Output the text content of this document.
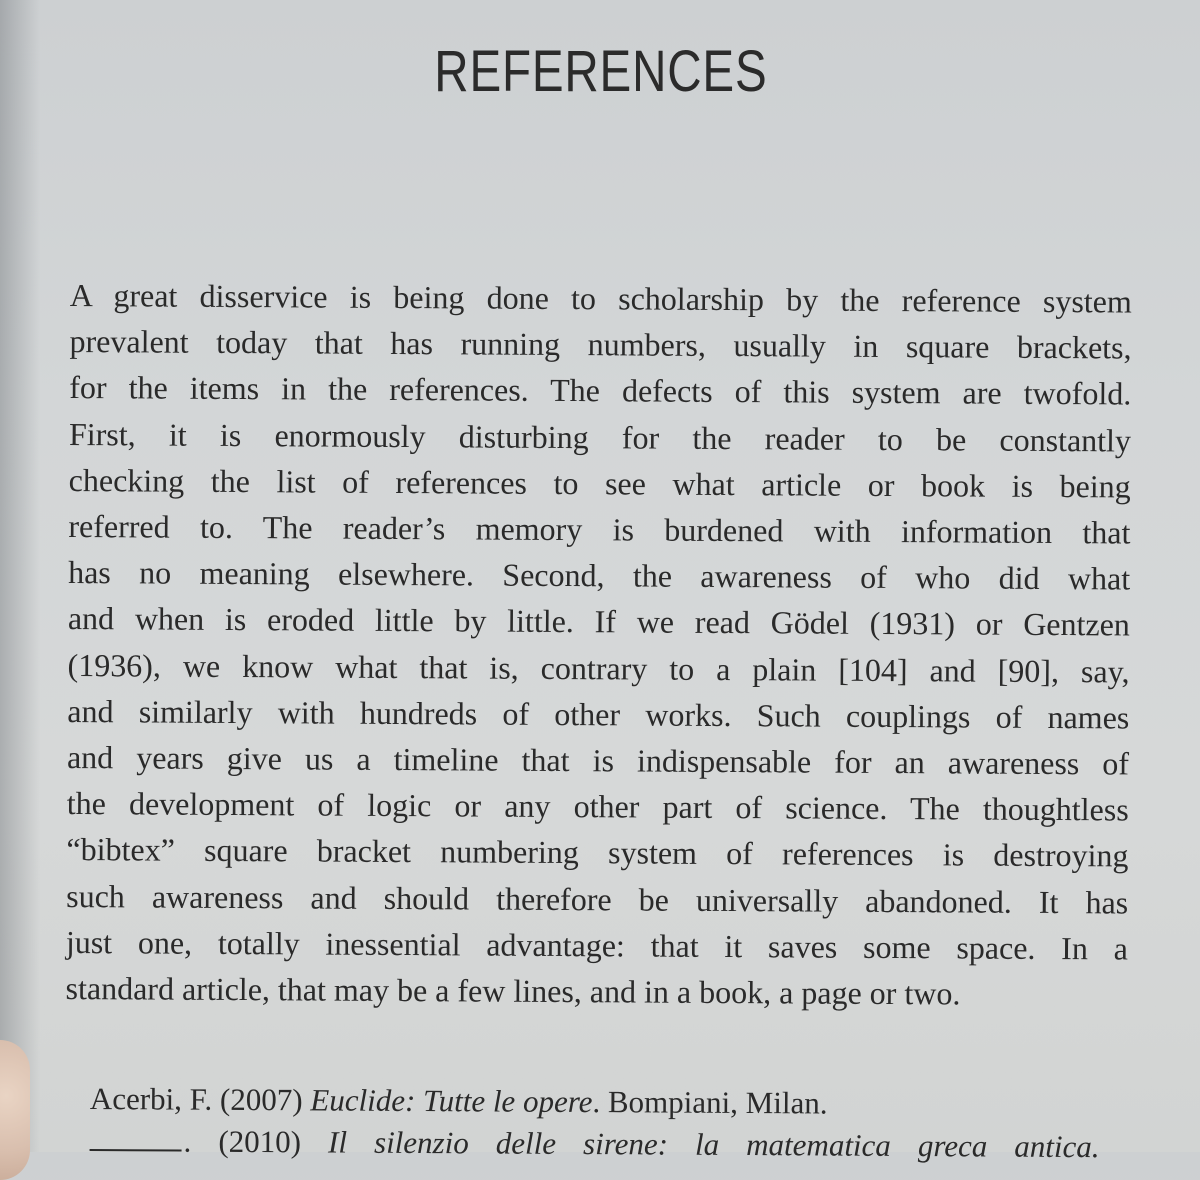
REFERENCES
A great disservice is being done to scholarship by the reference system
prevalent today that has running numbers, usually in square brackets,
for the items in the references. The defects of this system are twofold.
First, it is enormously disturbing for the reader to be constantly
checking the list of references to see what article or book is being
referred to. The reader’s memory is burdened with information that
has no meaning elsewhere. Second, the awareness of who did what
and when is eroded little by little. If we read Gödel (1931) or Gentzen
(1936), we know what that is, contrary to a plain [104] and [90], say,
and similarly with hundreds of other works. Such couplings of names
and years give us a timeline that is indispensable for an awareness of
the development of logic or any other part of science. The thoughtless
“bibtex” square bracket numbering system of references is destroying
such awareness and should therefore be universally abandoned. It has
just one, totally inessential advantage: that it saves some space. In a
standard article, that may be a few lines, and in a book, a page or two.
Acerbi, F. (2007) Euclide: Tutte le opere. Bompiani, Milan.
. (2010) Il silenzio delle sirene: la matematica greca antica.
